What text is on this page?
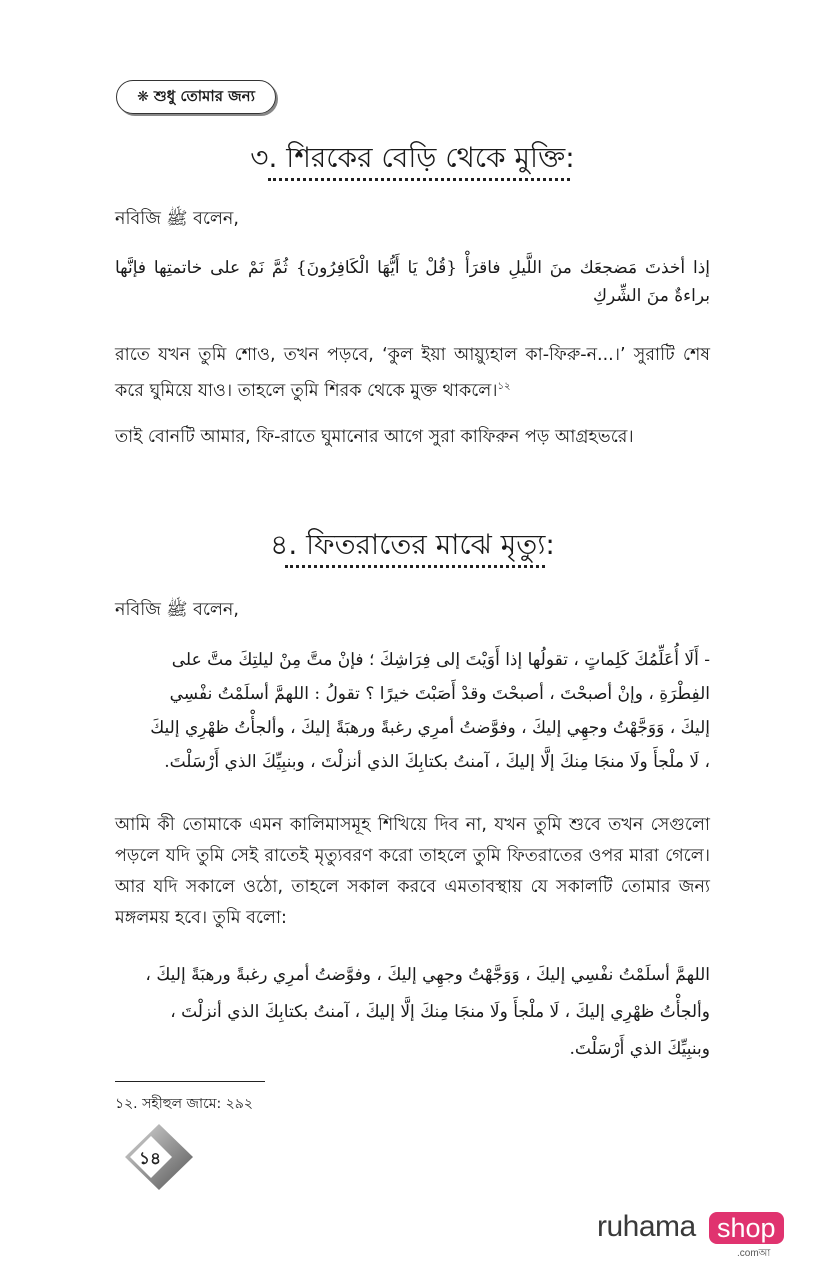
❋ শুধু তোমার জন্য
৩. শিরকের বেড়ি থেকে মুক্তি:
নবিজি ﷺ বলেন,
إذا أخذتَ مَضجعَك منَ اللَّيلِ فاقرَأْ {قُلْ يَا أَيُّهَا الْكَافِرُونَ} ثُمَّ نَمْ على خاتمتِها فإنَّها براءةٌ منَ الشِّركِ
রাতে যখন তুমি শোও, তখন পড়বে, ‘কুল ইয়া আয়্যুহাল কা-ফিরু-ন...।’ সুরাটি শেষ করে ঘুমিয়ে যাও। তাহলে তুমি শিরক থেকে মুক্ত থাকলে।$^{১২}$
তাই বোনটি আমার, ফি-রাতে ঘুমানোর আগে সুরা কাফিরুন পড় আগ্রহভরে।
৪. ফিতরাতের মাঝে মৃত্যু:
নবিজি ﷺ বলেন,
- أَلَا أُعَلِّمُكَ كَلِماتٍ ، تقولُها إذا أَوَيْتَ إلى فِرَاشِكَ ؛ فإنْ متَّ مِنْ ليلتِكَ متَّ على
الفِطْرَةِ ، وإنْ أصبحْتَ ، أصبحْتَ وقدْ أَصَبْتَ خيرًا ؟ تقولُ : اللهمَّ أسلَمْتُ نفْسِي
إليكَ ، وَوَجَّهْتُ وجهِي إليكَ ، وفوَّضتُ أمرِي رغبةً ورهبَةً إليكَ ، وألجأْتُ ظهْرِي إليكَ
، لَا ملْجأَ ولَا منجَا مِنكَ إلَّا إليكَ ، آمنتُ بكتابِكَ الذي أنزلْتَ ، وبنبِيِّكَ الذي أَرْسَلْتَ.
আমি কী তোমাকে এমন কালিমাসমূহ শিখিয়ে দিব না, যখন তুমি শুবে তখন সেগুলো পড়লে যদি তুমি সেই রাতেই মৃত্যুবরণ করো তাহলে তুমি ফিতরাতের ওপর মারা গেলে। আর যদি সকালে ওঠো, তাহলে সকাল করবে এমতাবস্থায় যে সকালটি তোমার জন্য মঙ্গলময় হবে। তুমি বলো:
اللهمَّ أسلَمْتُ نفْسِي إليكَ ، وَوَجَّهْتُ وجهِي إليكَ ، وفوَّضتُ أمرِي رغبةً ورهبَةً إليكَ ،
وألجأْتُ ظهْرِي إليكَ ، لَا ملْجأَ ولَا منجَا مِنكَ إلَّا إليكَ ، آمنتُ بكتابِكَ الذي أنزلْتَ ،
وبنبِيِّكَ الذي أَرْسَلْتَ.
১২. সহীহুল জামে: ২৯২
১৪
ruhama shop
.comআ
